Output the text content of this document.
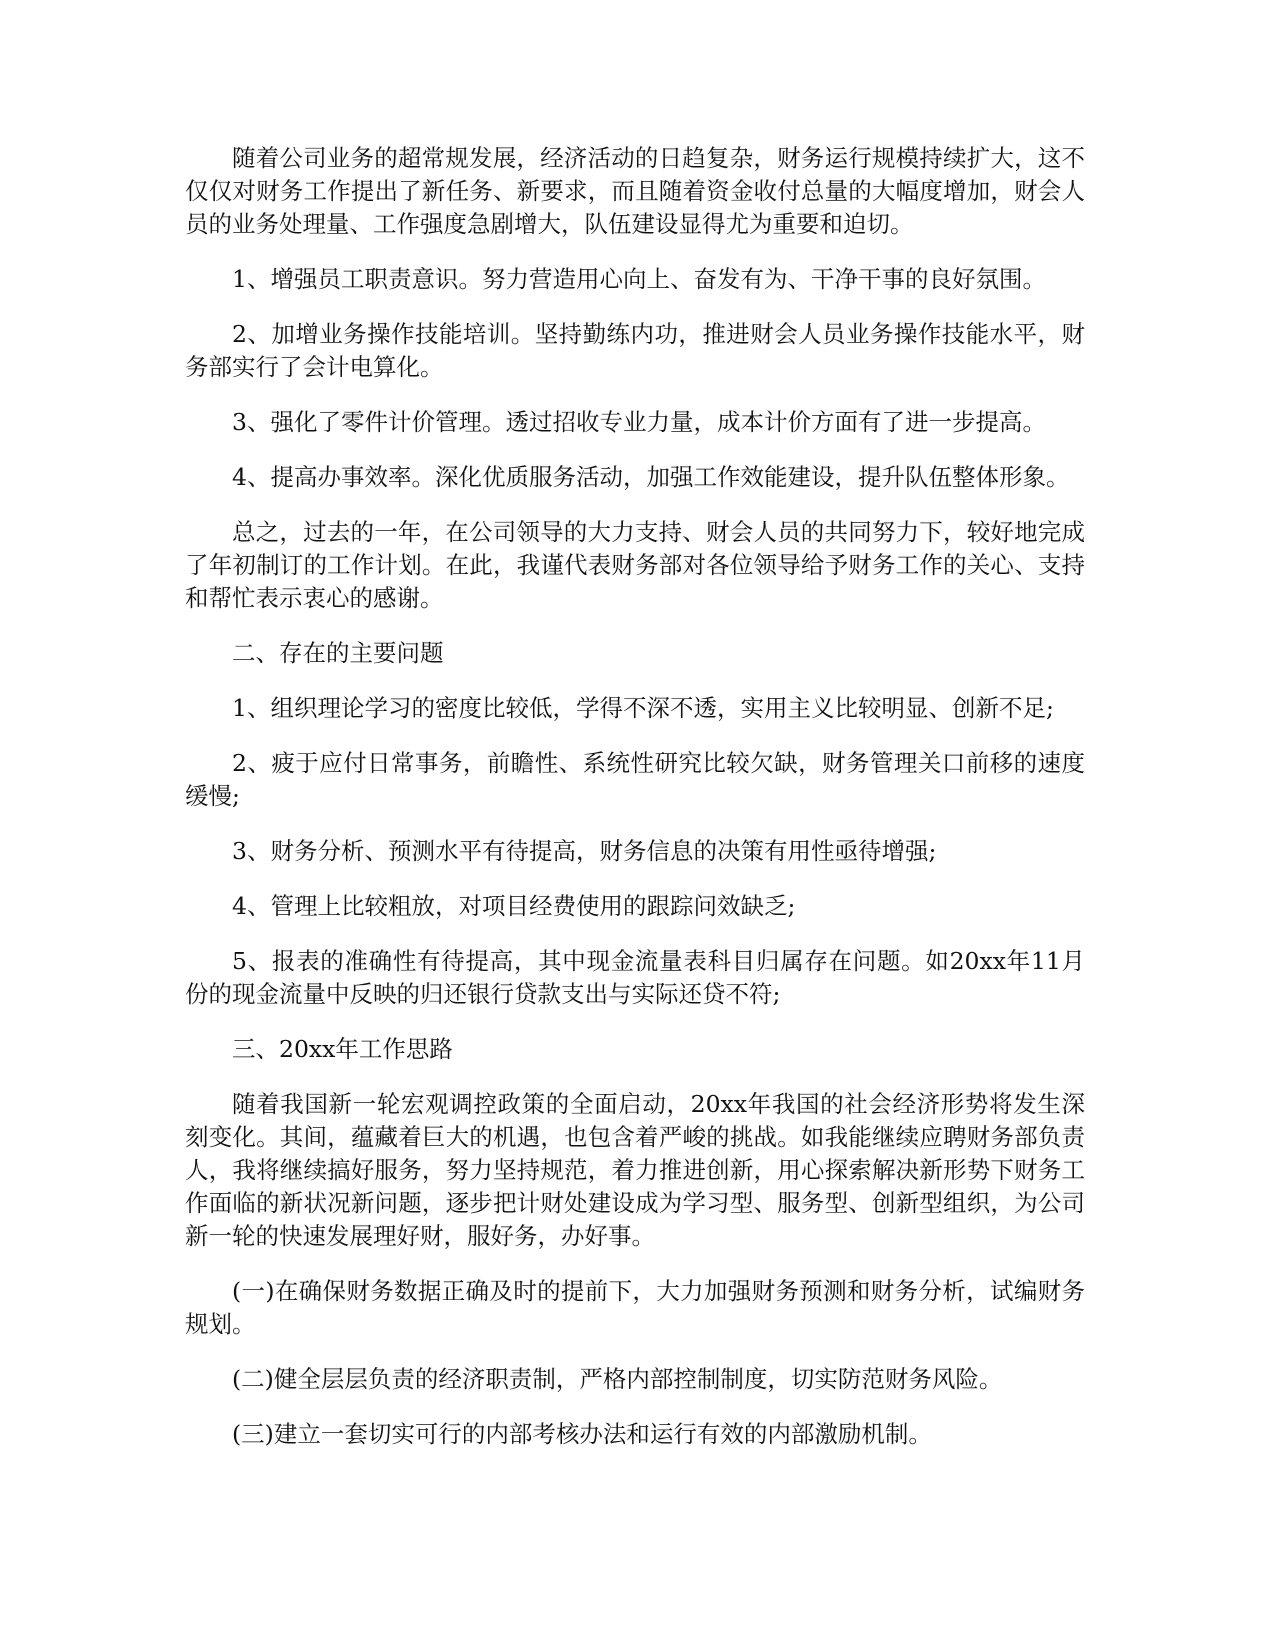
随着公司业务的超常规发展，经济活动的日趋复杂，财务运行规模持续扩大，这不仅仅对财务工作提出了新任务、新要求，而且随着资金收付总量的大幅度增加，财会人员的业务处理量、工作强度急剧增大，队伍建设显得尤为重要和迫切。

1、增强员工职责意识。努力营造用心向上、奋发有为、干净干事的良好氛围。

2、加增业务操作技能培训。坚持勤练内功，推进财会人员业务操作技能水平，财务部实行了会计电算化。

3、强化了零件计价管理。透过招收专业力量，成本计价方面有了进一步提高。

4、提高办事效率。深化优质服务活动，加强工作效能建设，提升队伍整体形象。

总之，过去的一年，在公司领导的大力支持、财会人员的共同努力下，较好地完成了年初制订的工作计划。在此，我谨代表财务部对各位领导给予财务工作的关心、支持和帮忙表示衷心的感谢。

二、存在的主要问题

1、组织理论学习的密度比较低，学得不深不透，实用主义比较明显、创新不足;

2、疲于应付日常事务，前瞻性、系统性研究比较欠缺，财务管理关口前移的速度缓慢;

3、财务分析、预测水平有待提高，财务信息的决策有用性亟待增强;

4、管理上比较粗放，对项目经费使用的跟踪问效缺乏;

5、报表的准确性有待提高，其中现金流量表科目归属存在问题。如20xx年11月份的现金流量中反映的归还银行贷款支出与实际还贷不符;

三、20xx年工作思路

随着我国新一轮宏观调控政策的全面启动，20xx年我国的社会经济形势将发生深刻变化。其间，蕴藏着巨大的机遇，也包含着严峻的挑战。如我能继续应聘财务部负责人，我将继续搞好服务，努力坚持规范，着力推进创新，用心探索解决新形势下财务工作面临的新状况新问题，逐步把计财处建设成为学习型、服务型、创新型组织，为公司新一轮的快速发展理好财，服好务，办好事。

(一)在确保财务数据正确及时的提前下，大力加强财务预测和财务分析，试编财务规划。

(二)健全层层负责的经济职责制，严格内部控制制度，切实防范财务风险。

(三)建立一套切实可行的内部考核办法和运行有效的内部激励机制。
